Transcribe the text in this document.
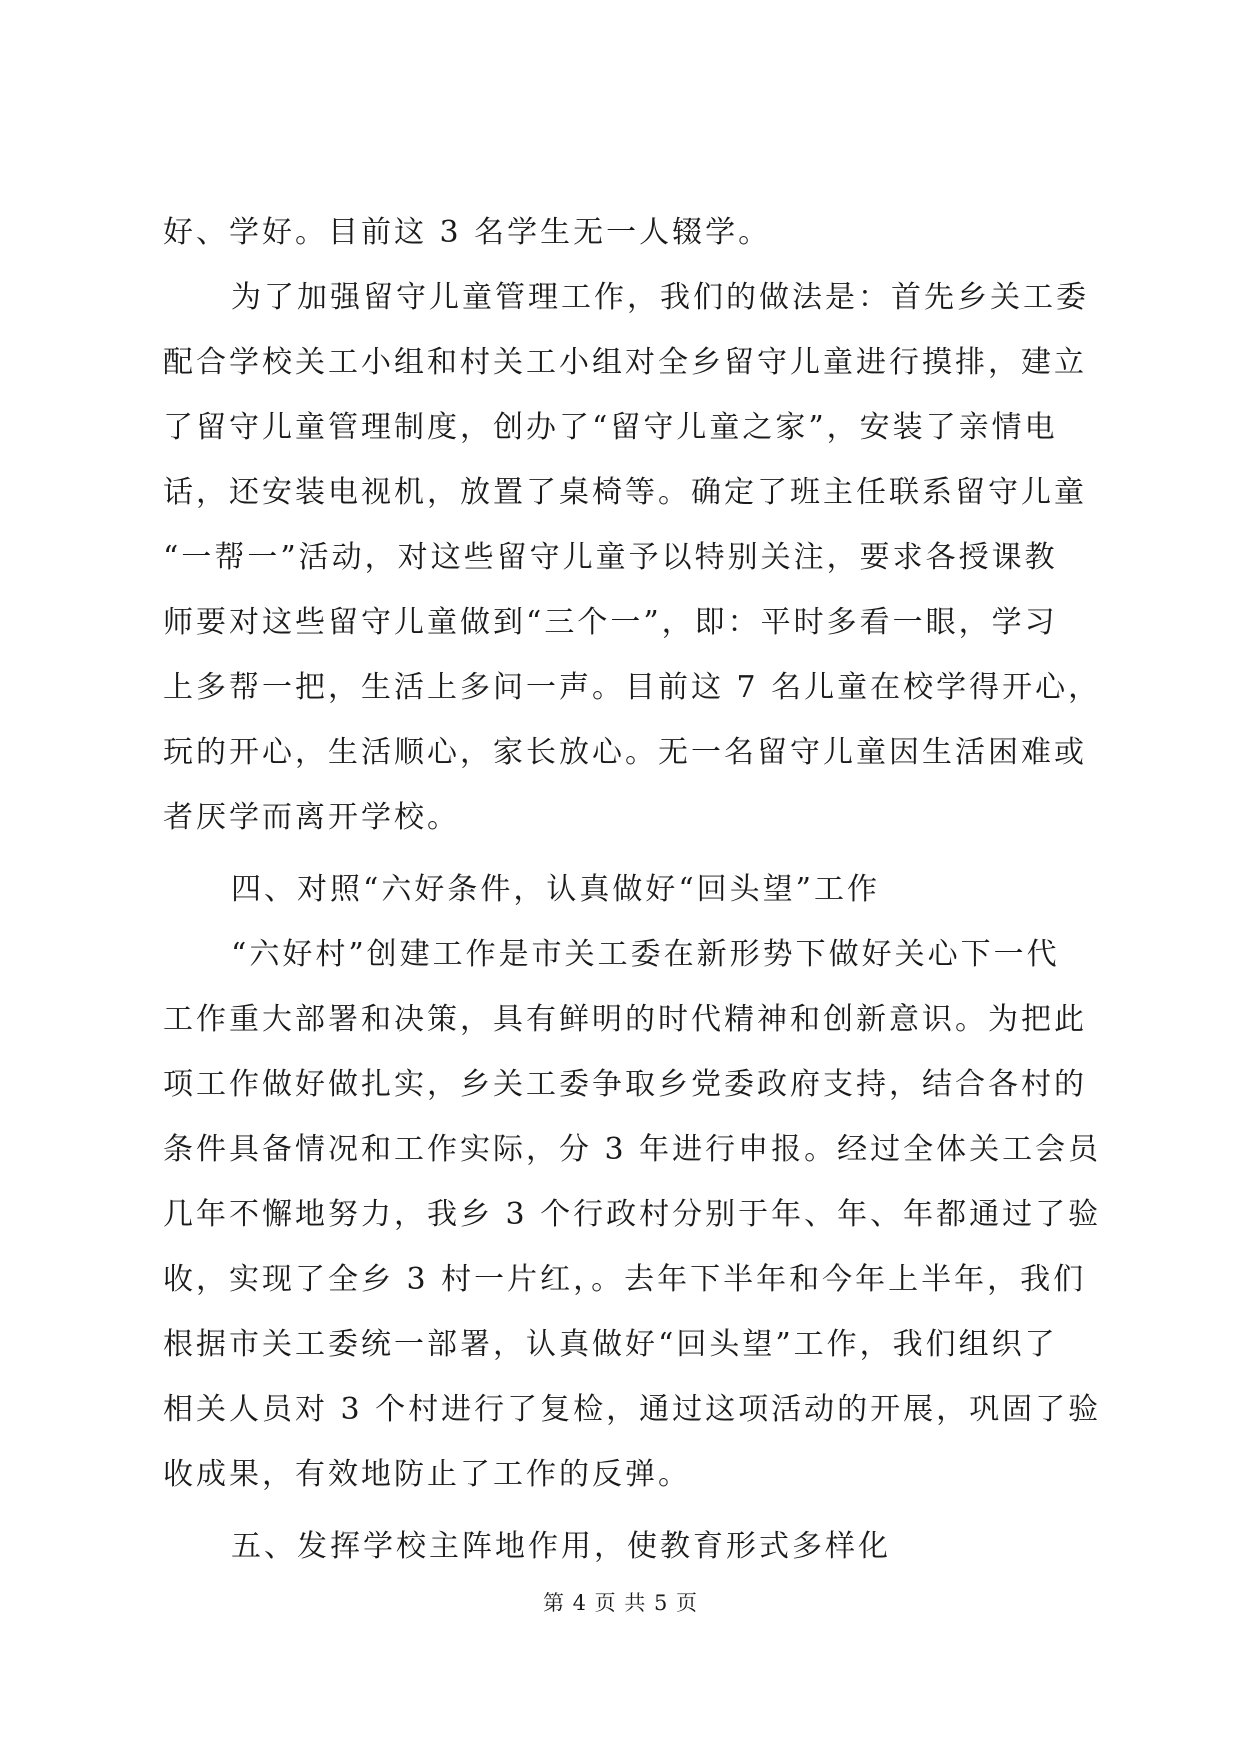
好、学好。目前这 3 名学生无一人辍学。
为了加强留守儿童管理工作，我们的做法是：首先乡关工委
配合学校关工小组和村关工小组对全乡留守儿童进行摸排，建立
了留守儿童管理制度，创办了“留守儿童之家”，安装了亲情电
话，还安装电视机，放置了桌椅等。确定了班主任联系留守儿童
“一帮一”活动，对这些留守儿童予以特别关注，要求各授课教
师要对这些留守儿童做到“三个一”，即：平时多看一眼，学习
上多帮一把，生活上多问一声。目前这 7 名儿童在校学得开心，
玩的开心，生活顺心，家长放心。无一名留守儿童因生活困难或
者厌学而离开学校。
四、对照“六好条件，认真做好“回头望”工作
“六好村”创建工作是市关工委在新形势下做好关心下一代
工作重大部署和决策，具有鲜明的时代精神和创新意识。为把此
项工作做好做扎实，乡关工委争取乡党委政府支持，结合各村的
条件具备情况和工作实际，分 3 年进行申报。经过全体关工会员
几年不懈地努力，我乡 3 个行政村分别于年、年、年都通过了验
收，实现了全乡 3 村一片红，。去年下半年和今年上半年，我们
根据市关工委统一部署，认真做好“回头望”工作，我们组织了
相关人员对 3 个村进行了复检，通过这项活动的开展，巩固了验
收成果，有效地防止了工作的反弹。
五、发挥学校主阵地作用，使教育形式多样化
第 4 页 共 5 页
